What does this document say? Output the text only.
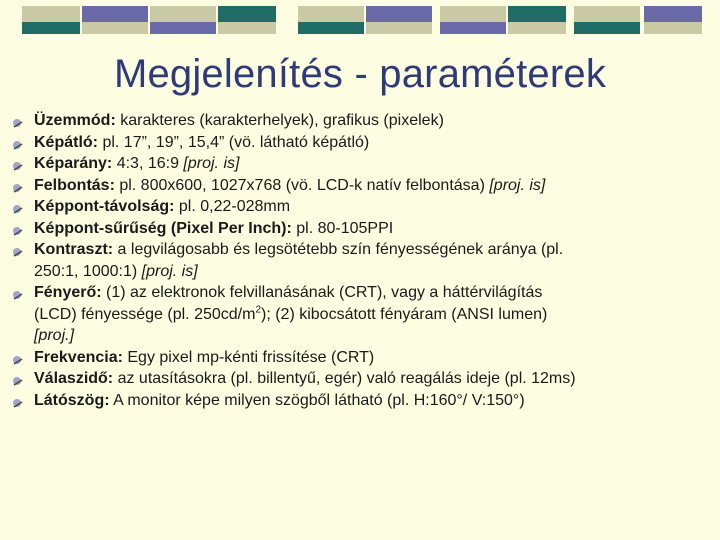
Megjelenítés - paraméterek
Üzemmód: karakteres (karakterhelyek), grafikus (pixelek)
Képátló: pl. 17”, 19”, 15,4” (vö. látható képátló)
Képarány: 4:3, 16:9 [proj. is]
Felbontás: pl. 800x600, 1027x768 (vö. LCD-k natív felbontása) [proj. is]
Képpont-távolság: pl. 0,22-028mm
Képpont-sűrűség (Pixel Per Inch): pl. 80-105PPI
Kontraszt: a legvilágosabb és legsötétebb szín fényességének aránya (pl.
250:1, 1000:1) [proj. is]
Fényerő: (1) az elektronok felvillanásának (CRT), vagy a háttérvilágítás
(LCD) fényessége (pl. $250cd/m^2$); (2) kibocsátott fényáram (ANSI lumen)
[proj.]
Frekvencia: Egy pixel mp-kénti frissítése (CRT)
Válaszidő: az utasításokra (pl. billentyű, egér) való reagálás ideje (pl. 12ms)
Látószög: A monitor képe milyen szögből látható (pl. H:160°/ V:150°)
